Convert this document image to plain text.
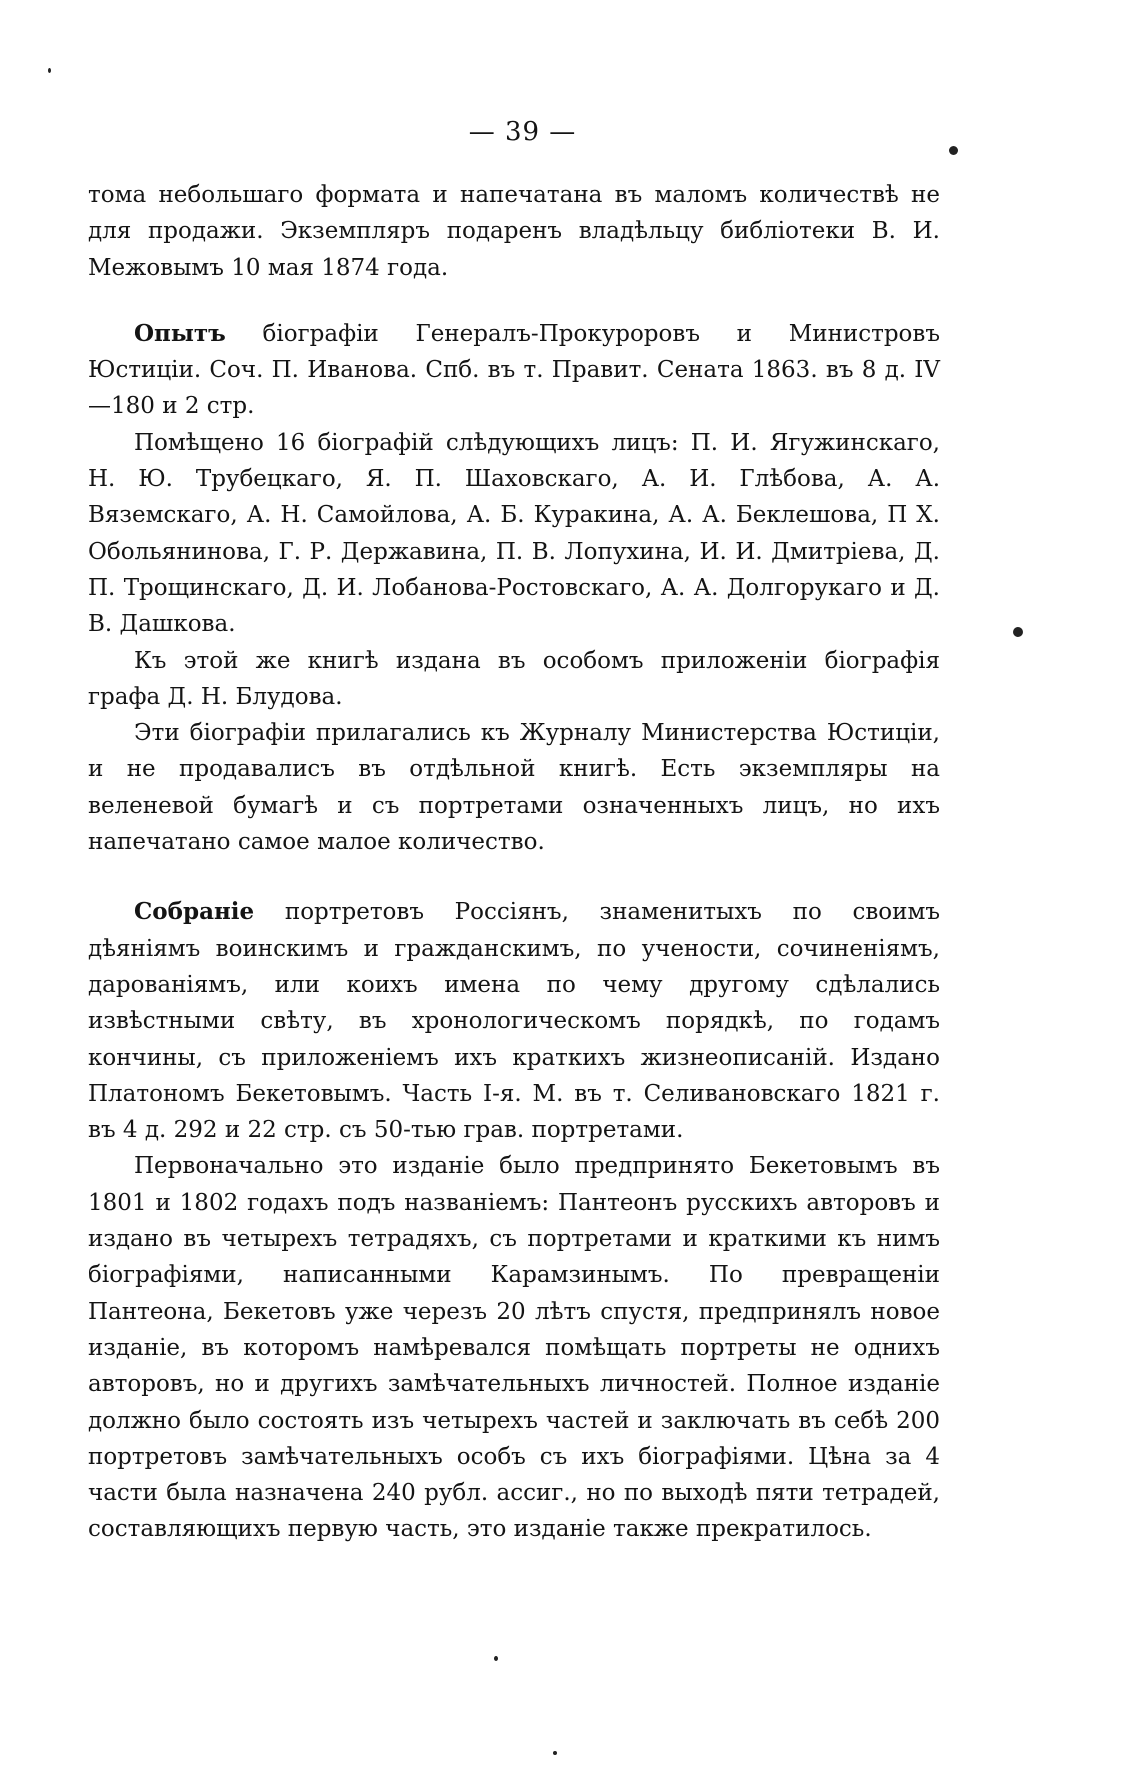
— 39 —

тома небольшаго формата и напечатана въ маломъ количествѣ не для продажи. Экземпляръ подаренъ владѣльцу библіотеки В. И. Межовымъ 10 мая 1874 года.

Опытъ біографіи Генералъ-Прокуроровъ и Министровъ Юстиціи. Соч. П. Иванова. Спб. въ т. Правит. Сената 1863. въ 8 д. IV—180 и 2 стр.

Помѣщено 16 біографій слѣдующихъ лицъ: П. И. Ягужинскаго, Н. Ю. Трубецкаго, Я. П. Шаховскаго, А. И. Глѣбова, А. А. Вяземскаго, А. Н. Самойлова, А. Б. Куракина, А. А. Беклешова, П Х. Обольянинова, Г. Р. Державина, П. В. Лопухина, И. И. Дмитріева, Д. П. Трощинскаго, Д. И. Лобанова-Ростовскаго, А. А. Долгорукаго и Д. В. Дашкова.

Къ этой же книгѣ издана въ особомъ приложеніи біографія графа Д. Н. Блудова.

Эти біографіи прилагались къ Журналу Министерства Юстиціи, и не продавалисъ въ отдѣльной книгѣ. Есть экземпляры на веленевой бумагѣ и съ портретами означенныхъ лицъ, но ихъ напечатано самое малое количество.

Собраніе портретовъ Россіянъ, знаменитыхъ по своимъ дѣяніямъ воинскимъ и гражданскимъ, по учености, сочиненіямъ, дарованіямъ, или коихъ имена по чему другому сдѣлались извѣстными свѣту, въ хронологическомъ порядкѣ, по годамъ кончины, съ приложеніемъ ихъ краткихъ жизнеописаній. Издано Платономъ Бекетовымъ. Часть I-я. М. въ т. Селивановскаго 1821 г. въ 4 д. 292 и 22 стр. съ 50-тью грав. портретами.

Первоначально это изданіе было предпринято Бекетовымъ въ 1801 и 1802 годахъ подъ названіемъ: Пантеонъ русскихъ авторовъ и издано въ четырехъ тетрадяхъ, съ портретами и краткими къ нимъ біографіями, написанными Карамзинымъ. По превращеніи Пантеона, Бекетовъ уже черезъ 20 лѣтъ спустя, предпринялъ новое изданіе, въ которомъ намѣревался помѣщать портреты не однихъ авторовъ, но и другихъ замѣчательныхъ личностей. Полное изданіе должно было состоять изъ четырехъ частей и заключать въ себѣ 200 портретовъ замѣчательныхъ особъ съ ихъ біографіями. Цѣна за 4 части была назначена 240 рубл. ассиг., но по выходѣ пяти тетрадей, составляющихъ первую часть, это изданіе также прекратилось.
